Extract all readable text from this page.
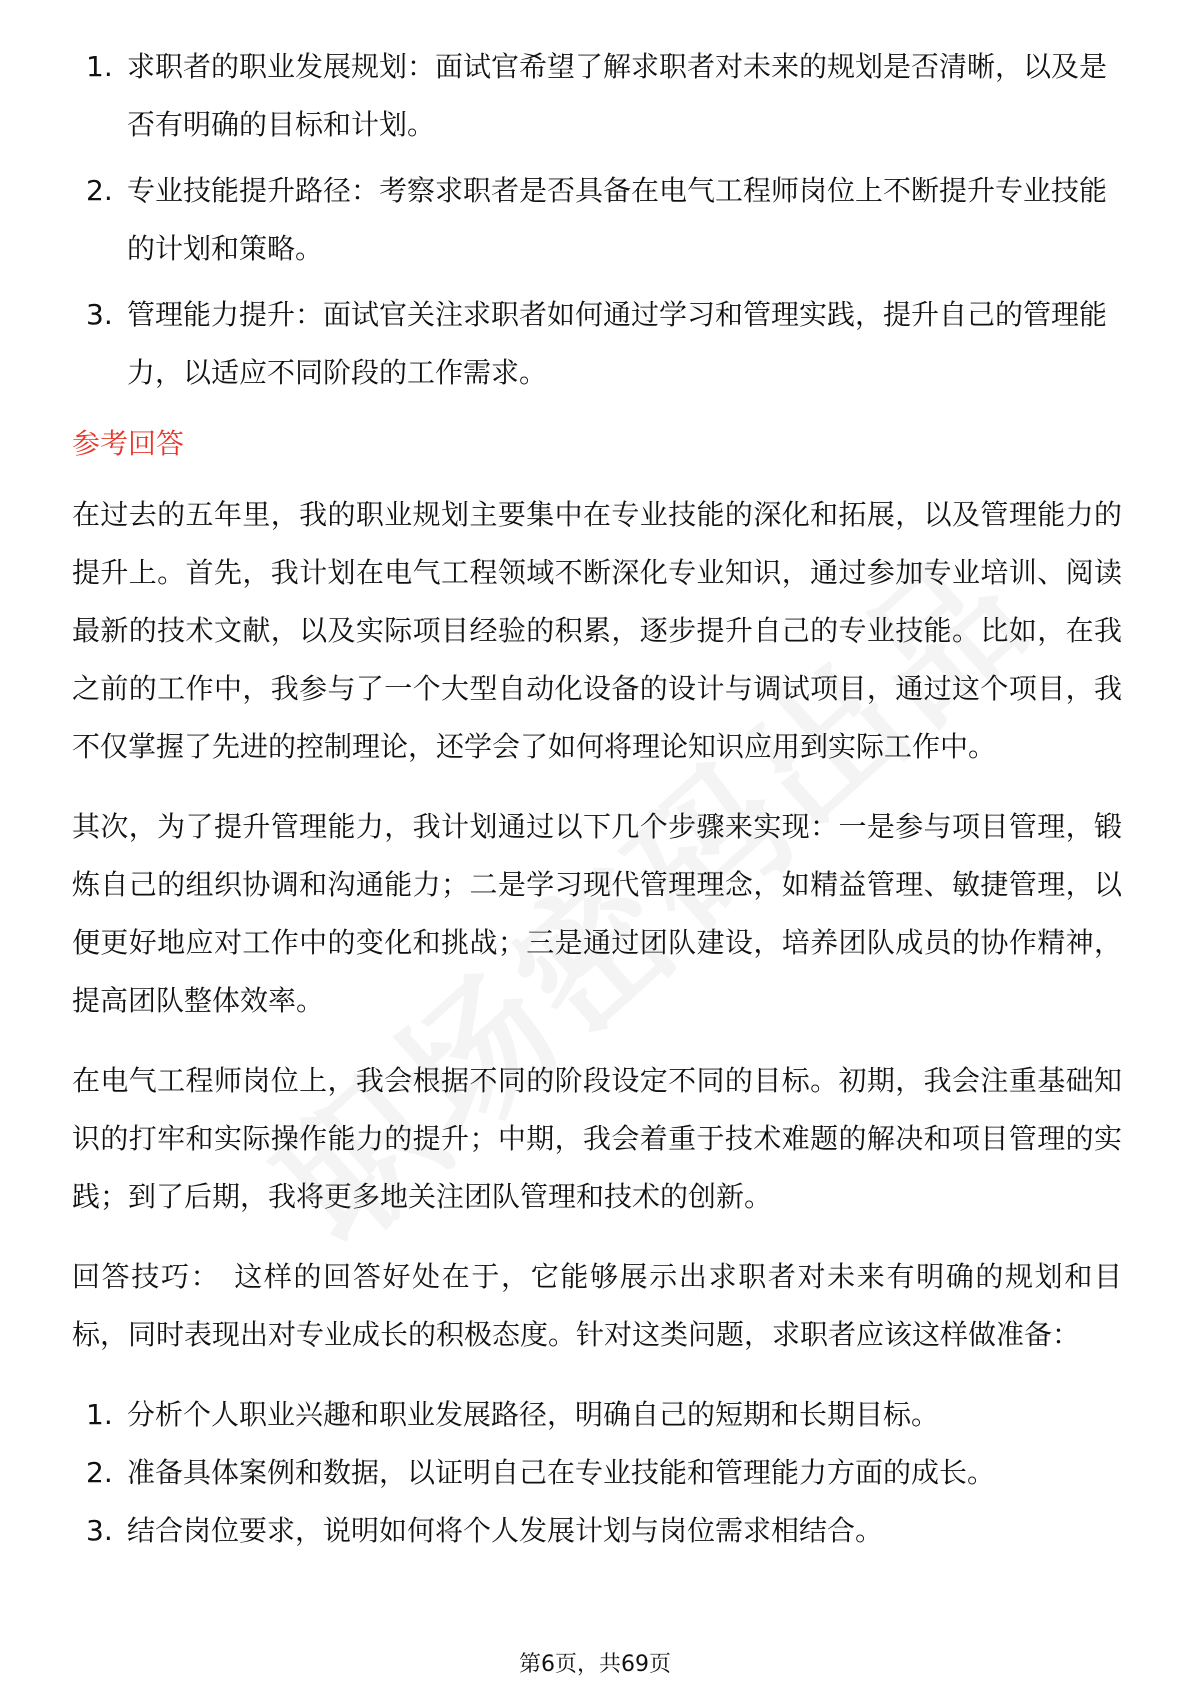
1. 求职者的职业发展规划：面试官希望了解求职者对未来的规划是否清晰，以及是否有明确的目标和计划。
2. 专业技能提升路径：考察求职者是否具备在电气工程师岗位上不断提升专业技能的计划和策略。
3. 管理能力提升：面试官关注求职者如何通过学习和管理实践，提升自己的管理能力，以适应不同阶段的工作需求。
参考回答

在过去的五年里，我的职业规划主要集中在专业技能的深化和拓展，以及管理能力的提升上。首先，我计划在电气工程领域不断深化专业知识，通过参加专业培训、阅读最新的技术文献，以及实际项目经验的积累，逐步提升自己的专业技能。比如，在我之前的工作中，我参与了一个大型自动化设备的设计与调试项目，通过这个项目，我不仅掌握了先进的控制理论，还学会了如何将理论知识应用到实际工作中。

其次，为了提升管理能力，我计划通过以下几个步骤来实现：一是参与项目管理，锻炼自己的组织协调和沟通能力；二是学习现代管理理念，如精益管理、敏捷管理，以便更好地应对工作中的变化和挑战；三是通过团队建设，培养团队成员的协作精神，提高团队整体效率。

在电气工程师岗位上，我会根据不同的阶段设定不同的目标。初期，我会注重基础知识的打牢和实际操作能力的提升；中期，我会着重于技术难题的解决和项目管理的实践；到了后期，我将更多地关注团队管理和技术的创新。

回答技巧： 这样的回答好处在于，它能够展示出求职者对未来有明确的规划和目标，同时表现出对专业成长的积极态度。针对这类问题，求职者应该这样做准备：

1. 分析个人职业兴趣和职业发展路径，明确自己的短期和长期目标。
2. 准备具体案例和数据，以证明自己在专业技能和管理能力方面的成长。
3. 结合岗位要求，说明如何将个人发展计划与岗位需求相结合。
第6页，共69页
